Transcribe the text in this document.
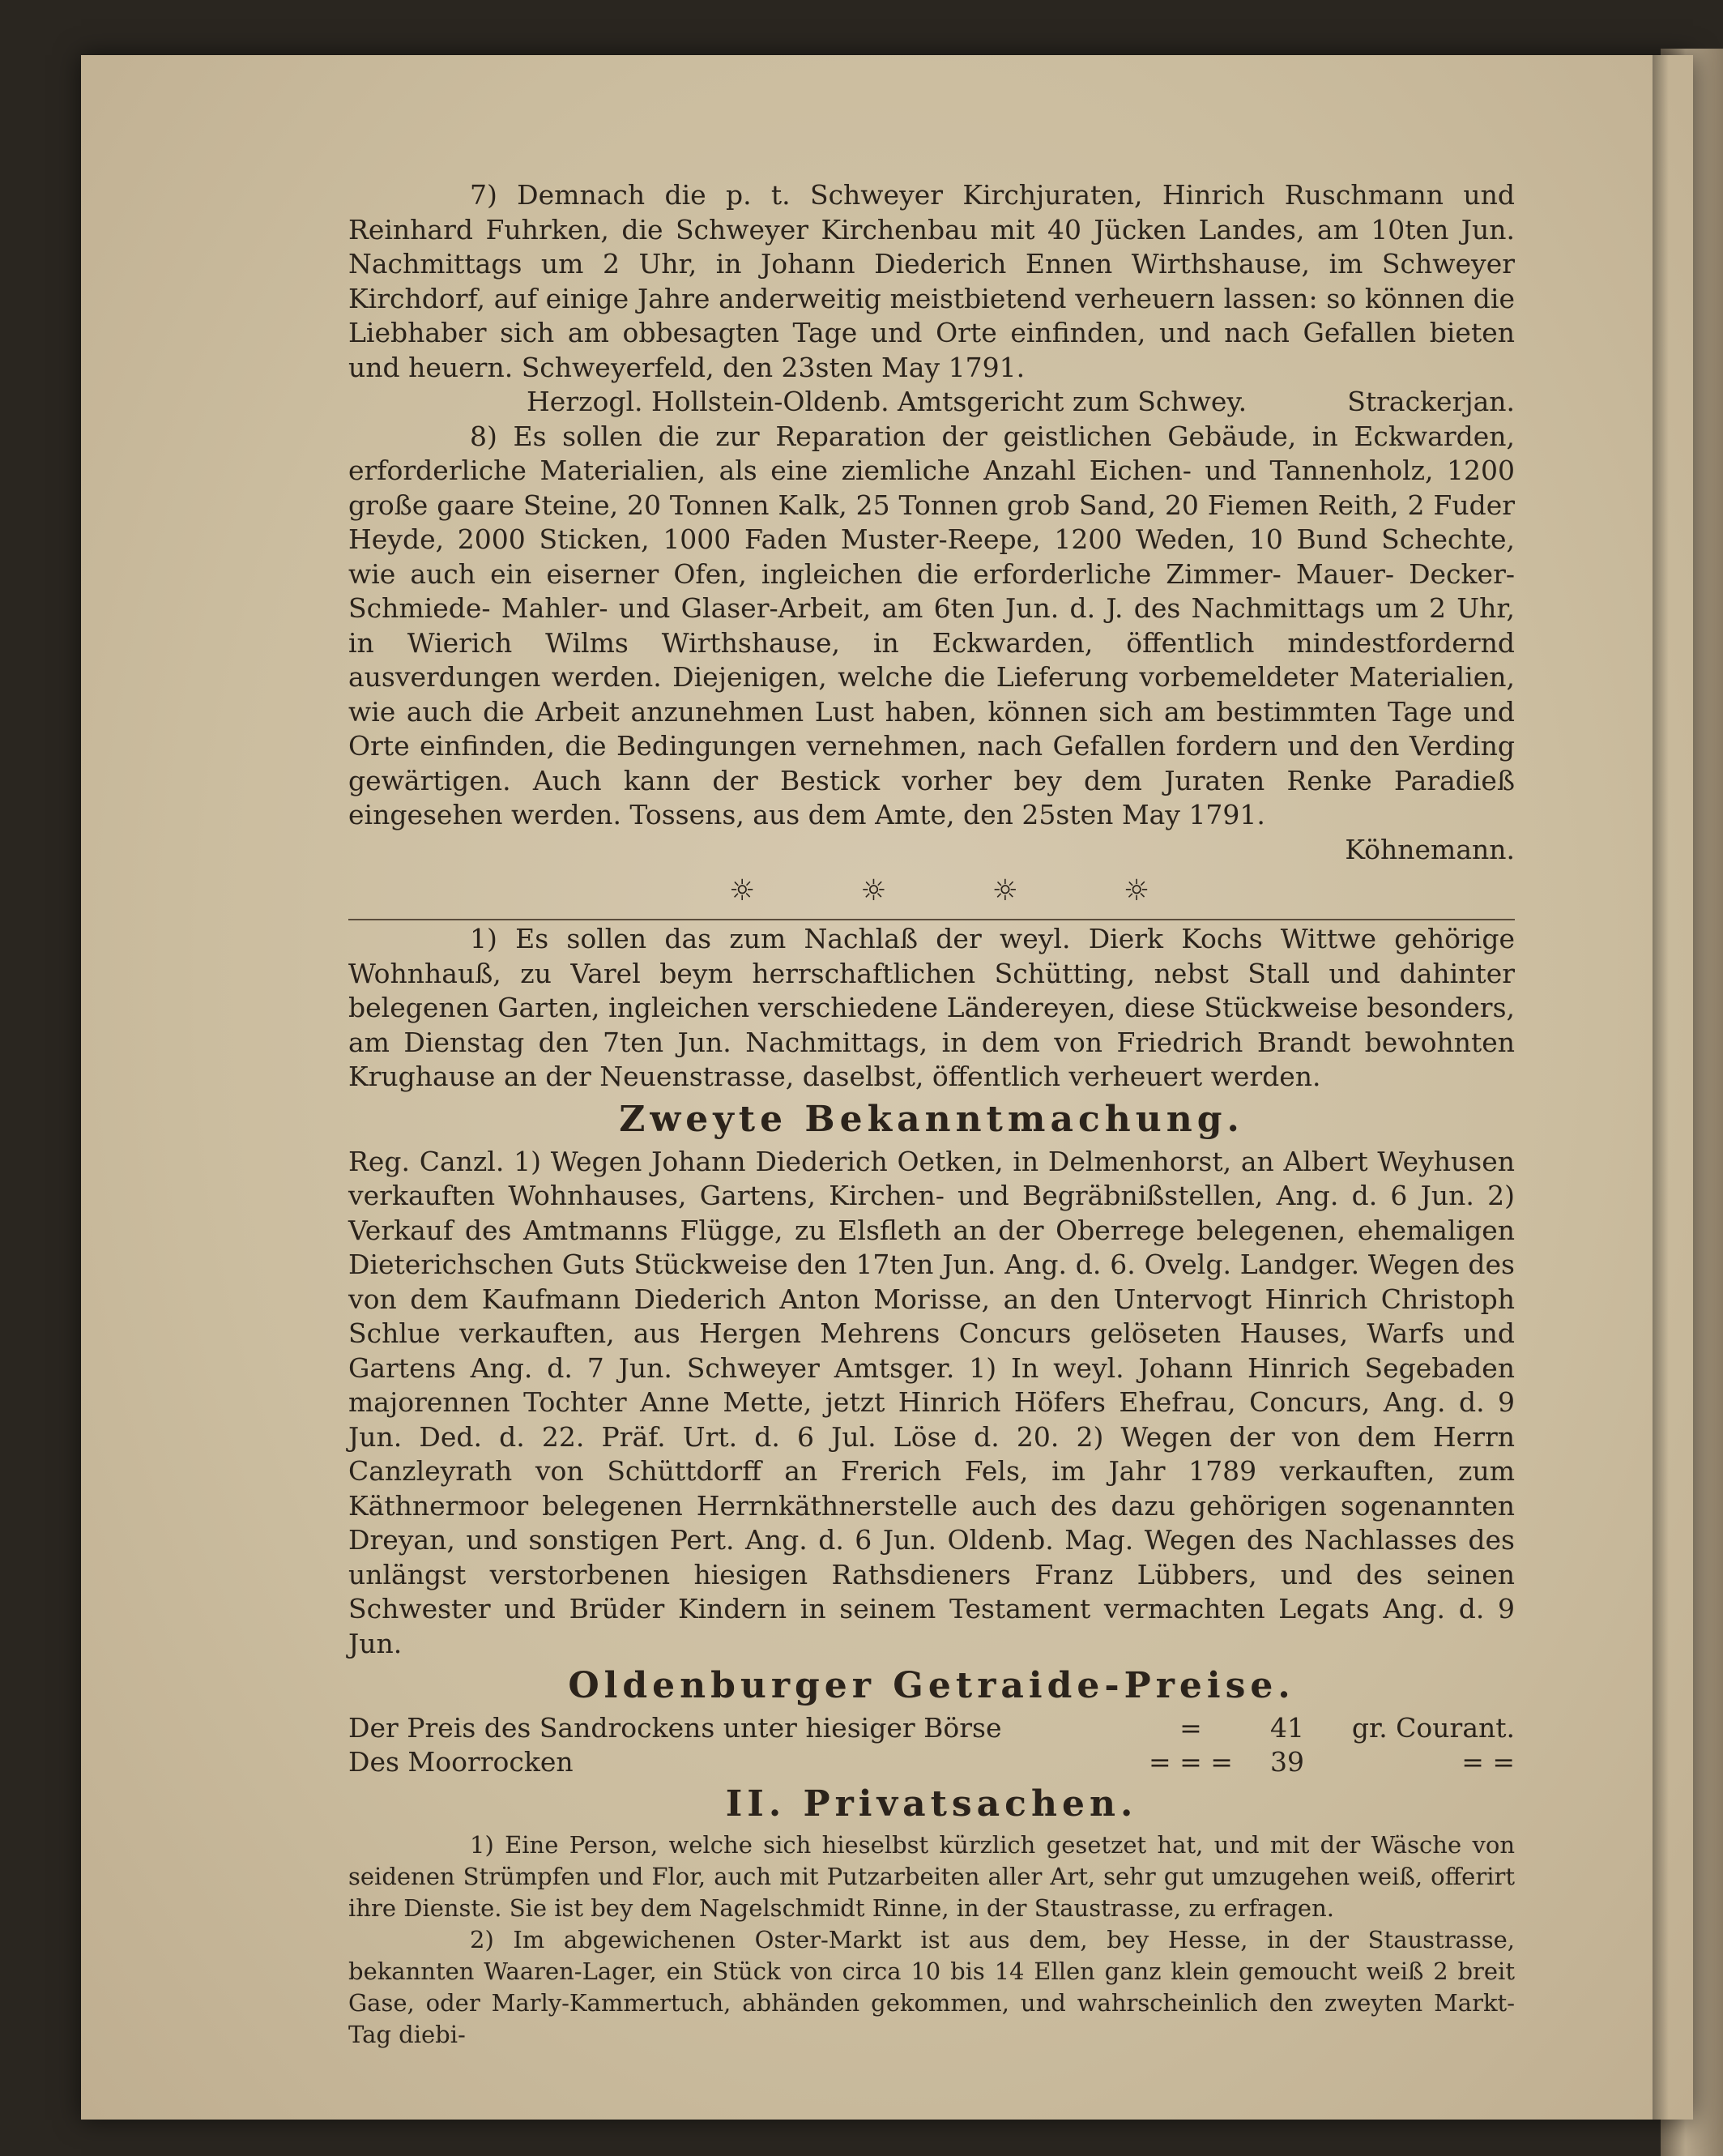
7) Demnach die p. t. Schweyer Kirchjuraten, Hinrich Ruschmann und Reinhard Fuhrken, die Schweyer Kirchenbau mit 40 Jücken Landes, am 10ten Jun. Nachmittags um 2 Uhr, in Johann Diederich Ennen Wirthshause, im Schweyer Kirchdorf, auf einige Jahre anderweitig meistbietend verheuern lassen: so können die Liebhaber sich am obbesagten Tage und Orte einfinden, und nach Gefallen bieten und heuern. Schweyerfeld, den 23sten May 1791.

Herzogl. Hollstein-Oldenb. Amtsgericht zum Schwey.	Strackerjan.

8) Es sollen die zur Reparation der geistlichen Gebäude, in Eckwarden, erforderliche Materialien, als eine ziemliche Anzahl Eichen- und Tannenholz, 1200 große gaare Steine, 20 Tonnen Kalk, 25 Tonnen grob Sand, 20 Fiemen Reith, 2 Fuder Heyde, 2000 Sticken, 1000 Faden Muster-Reepe, 1200 Weden, 10 Bund Schechte, wie auch ein eiserner Ofen, ingleichen die erforderliche Zimmer- Mauer- Decker- Schmiede- Mahler- und Glaser-Arbeit, am 6ten Jun. d. J. des Nachmittags um 2 Uhr, in Wierich Wilms Wirthshause, in Eckwarden, öffentlich mindestfordernd ausverdungen werden. Diejenigen, welche die Lieferung vorbemeldeter Materialien, wie auch die Arbeit anzunehmen Lust haben, können sich am bestimmten Tage und Orte einfinden, die Bedingungen vernehmen, nach Gefallen fordern und den Verding gewärtigen. Auch kann der Bestick vorher bey dem Juraten Renke Paradieß eingesehen werden. Tossens, aus dem Amte, den 25sten May 1791.

Köhnemann.

☼	☼	☼	☼

1) Es sollen das zum Nachlaß der weyl. Dierk Kochs Wittwe gehörige Wohnhauß, zu Varel beym herrschaftlichen Schütting, nebst Stall und dahinter belegenen Garten, ingleichen verschiedene Ländereyen, diese Stückweise besonders, am Dienstag den 7ten Jun. Nachmittags, in dem von Friedrich Brandt bewohnten Krughause an der Neuenstrasse, daselbst, öffentlich verheuert werden.

Zweyte Bekanntmachung.

Reg. Canzl. 1) Wegen Johann Diederich Oetken, in Delmenhorst, an Albert Weyhusen verkauften Wohnhauses, Gartens, Kirchen- und Begräbnißstellen, Ang. d. 6 Jun. 2) Verkauf des Amtmanns Flügge, zu Elsfleth an der Oberrege belegenen, ehemaligen Dieterichschen Guts Stückweise den 17ten Jun. Ang. d. 6. Ovelg. Landger. Wegen des von dem Kaufmann Diederich Anton Morisse, an den Untervogt Hinrich Christoph Schlue verkauften, aus Hergen Mehrens Concurs gelöseten Hauses, Warfs und Gartens Ang. d. 7 Jun. Schweyer Amtsger. 1) In weyl. Johann Hinrich Segebaden majorennen Tochter Anne Mette, jetzt Hinrich Höfers Ehefrau, Concurs, Ang. d. 9 Jun. Ded. d. 22. Präf. Urt. d. 6 Jul. Löse d. 20. 2) Wegen der von dem Herrn Canzleyrath von Schüttdorff an Frerich Fels, im Jahr 1789 verkauften, zum Käthnermoor belegenen Herrnkäthnerstelle auch des dazu gehörigen sogenannten Dreyan, und sonstigen Pert. Ang. d. 6 Jun. Oldenb. Mag. Wegen des Nachlasses des unlängst verstorbenen hiesigen Rathsdieners Franz Lübbers, und des seinen Schwester und Brüder Kindern in seinem Testament vermachten Legats Ang. d. 9 Jun.

Oldenburger Getraide-Preise.
Der Preis des Sandrockens unter hiesiger Börse	=	41	gr. Courant.
Des Moorrocken	= = =	39	= =
II. Privatsachen.

1) Eine Person, welche sich hieselbst kürzlich gesetzet hat, und mit der Wäsche von seidenen Strümpfen und Flor, auch mit Putzarbeiten aller Art, sehr gut umzugehen weiß, offerirt ihre Dienste. Sie ist bey dem Nagelschmidt Rinne, in der Staustrasse, zu erfragen.

2) Im abgewichenen Oster-Markt ist aus dem, bey Hesse, in der Staustrasse, bekannten Waaren-Lager, ein Stück von circa 10 bis 14 Ellen ganz klein gemoucht weiß 2 breit Gase, oder Marly-Kammertuch, abhänden gekommen, und wahrscheinlich den zweyten Markt-Tag diebi-
